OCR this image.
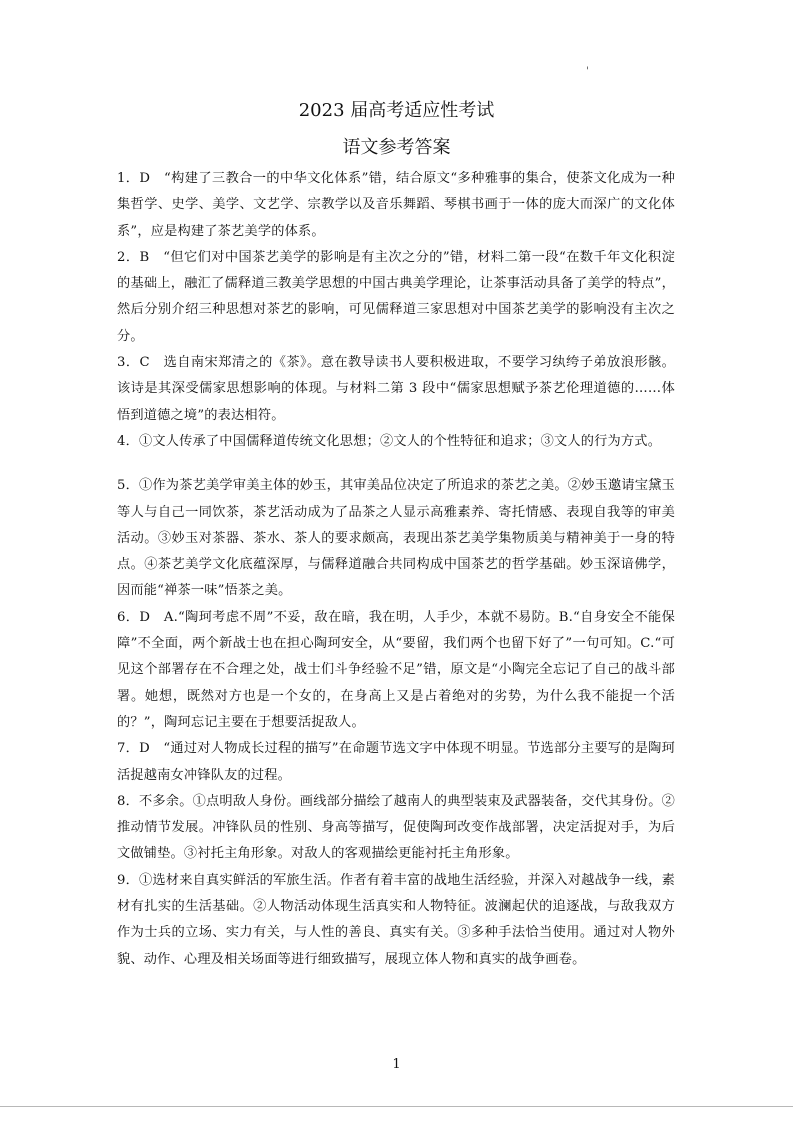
'
2023 届高考适应性考试
语文参考答案

1．D　“构建了三教合一的中华文化体系”错，结合原文“多种雅事的集合，使茶文化成为一种集哲学、史学、美学、文艺学、宗教学以及音乐舞蹈、琴棋书画于一体的庞大而深广的文化体系”，应是构建了茶艺美学的体系。

2．B　“但它们对中国茶艺美学的影响是有主次之分的”错，材料二第一段“在数千年文化积淀的基础上，融汇了儒释道三教美学思想的中国古典美学理论，让茶事活动具备了美学的特点”，然后分别介绍三种思想对茶艺的影响，可见儒释道三家思想对中国茶艺美学的影响没有主次之分。

3．C　选自南宋郑清之的《茶》。意在教导读书人要积极进取，不要学习纨绔子弟放浪形骸。该诗是其深受儒家思想影响的体现。与材料二第 3 段中“儒家思想赋予茶艺伦理道德的……体悟到道德之境”的表达相符。

4．①文人传承了中国儒释道传统文化思想；②文人的个性特征和追求；③文人的行为方式。

5．①作为茶艺美学审美主体的妙玉，其审美品位决定了所追求的茶艺之美。②妙玉邀请宝黛玉等人与自己一同饮茶，茶艺活动成为了品茶之人显示高雅素养、寄托情感、表现自我等的审美活动。③妙玉对茶器、茶水、茶人的要求颇高，表现出茶艺美学集物质美与精神美于一身的特点。④茶艺美学文化底蕴深厚，与儒释道融合共同构成中国茶艺的哲学基础。妙玉深谙佛学，因而能“禅茶一味”悟茶之美。

6．D　A.“陶珂考虑不周”不妥，敌在暗，我在明，人手少，本就不易防。B.“自身安全不能保障”不全面，两个新战士也在担心陶珂安全，从“要留，我们两个也留下好了”一句可知。C.“可见这个部署存在不合理之处，战士们斗争经验不足”错，原文是“小陶完全忘记了自己的战斗部署。她想，既然对方也是一个女的，在身高上又是占着绝对的劣势，为什么我不能捉一个活的？”，陶珂忘记主要在于想要活捉敌人。

7．D　“通过对人物成长过程的描写”在命题节选文字中体现不明显。节选部分主要写的是陶珂活捉越南女冲锋队友的过程。

8．不多余。①点明敌人身份。画线部分描绘了越南人的典型装束及武器装备，交代其身份。②推动情节发展。冲锋队员的性别、身高等描写，促使陶珂改变作战部署，决定活捉对手，为后文做铺垫。③衬托主角形象。对敌人的客观描绘更能衬托主角形象。

9．①选材来自真实鲜活的军旅生活。作者有着丰富的战地生活经验，并深入对越战争一线，素材有扎实的生活基础。②人物活动体现生活真实和人物特征。波澜起伏的追逐战，与敌我双方作为士兵的立场、实力有关，与人性的善良、真实有关。③多种手法恰当使用。通过对人物外貌、动作、心理及相关场面等进行细致描写，展现立体人物和真实的战争画卷。

1
